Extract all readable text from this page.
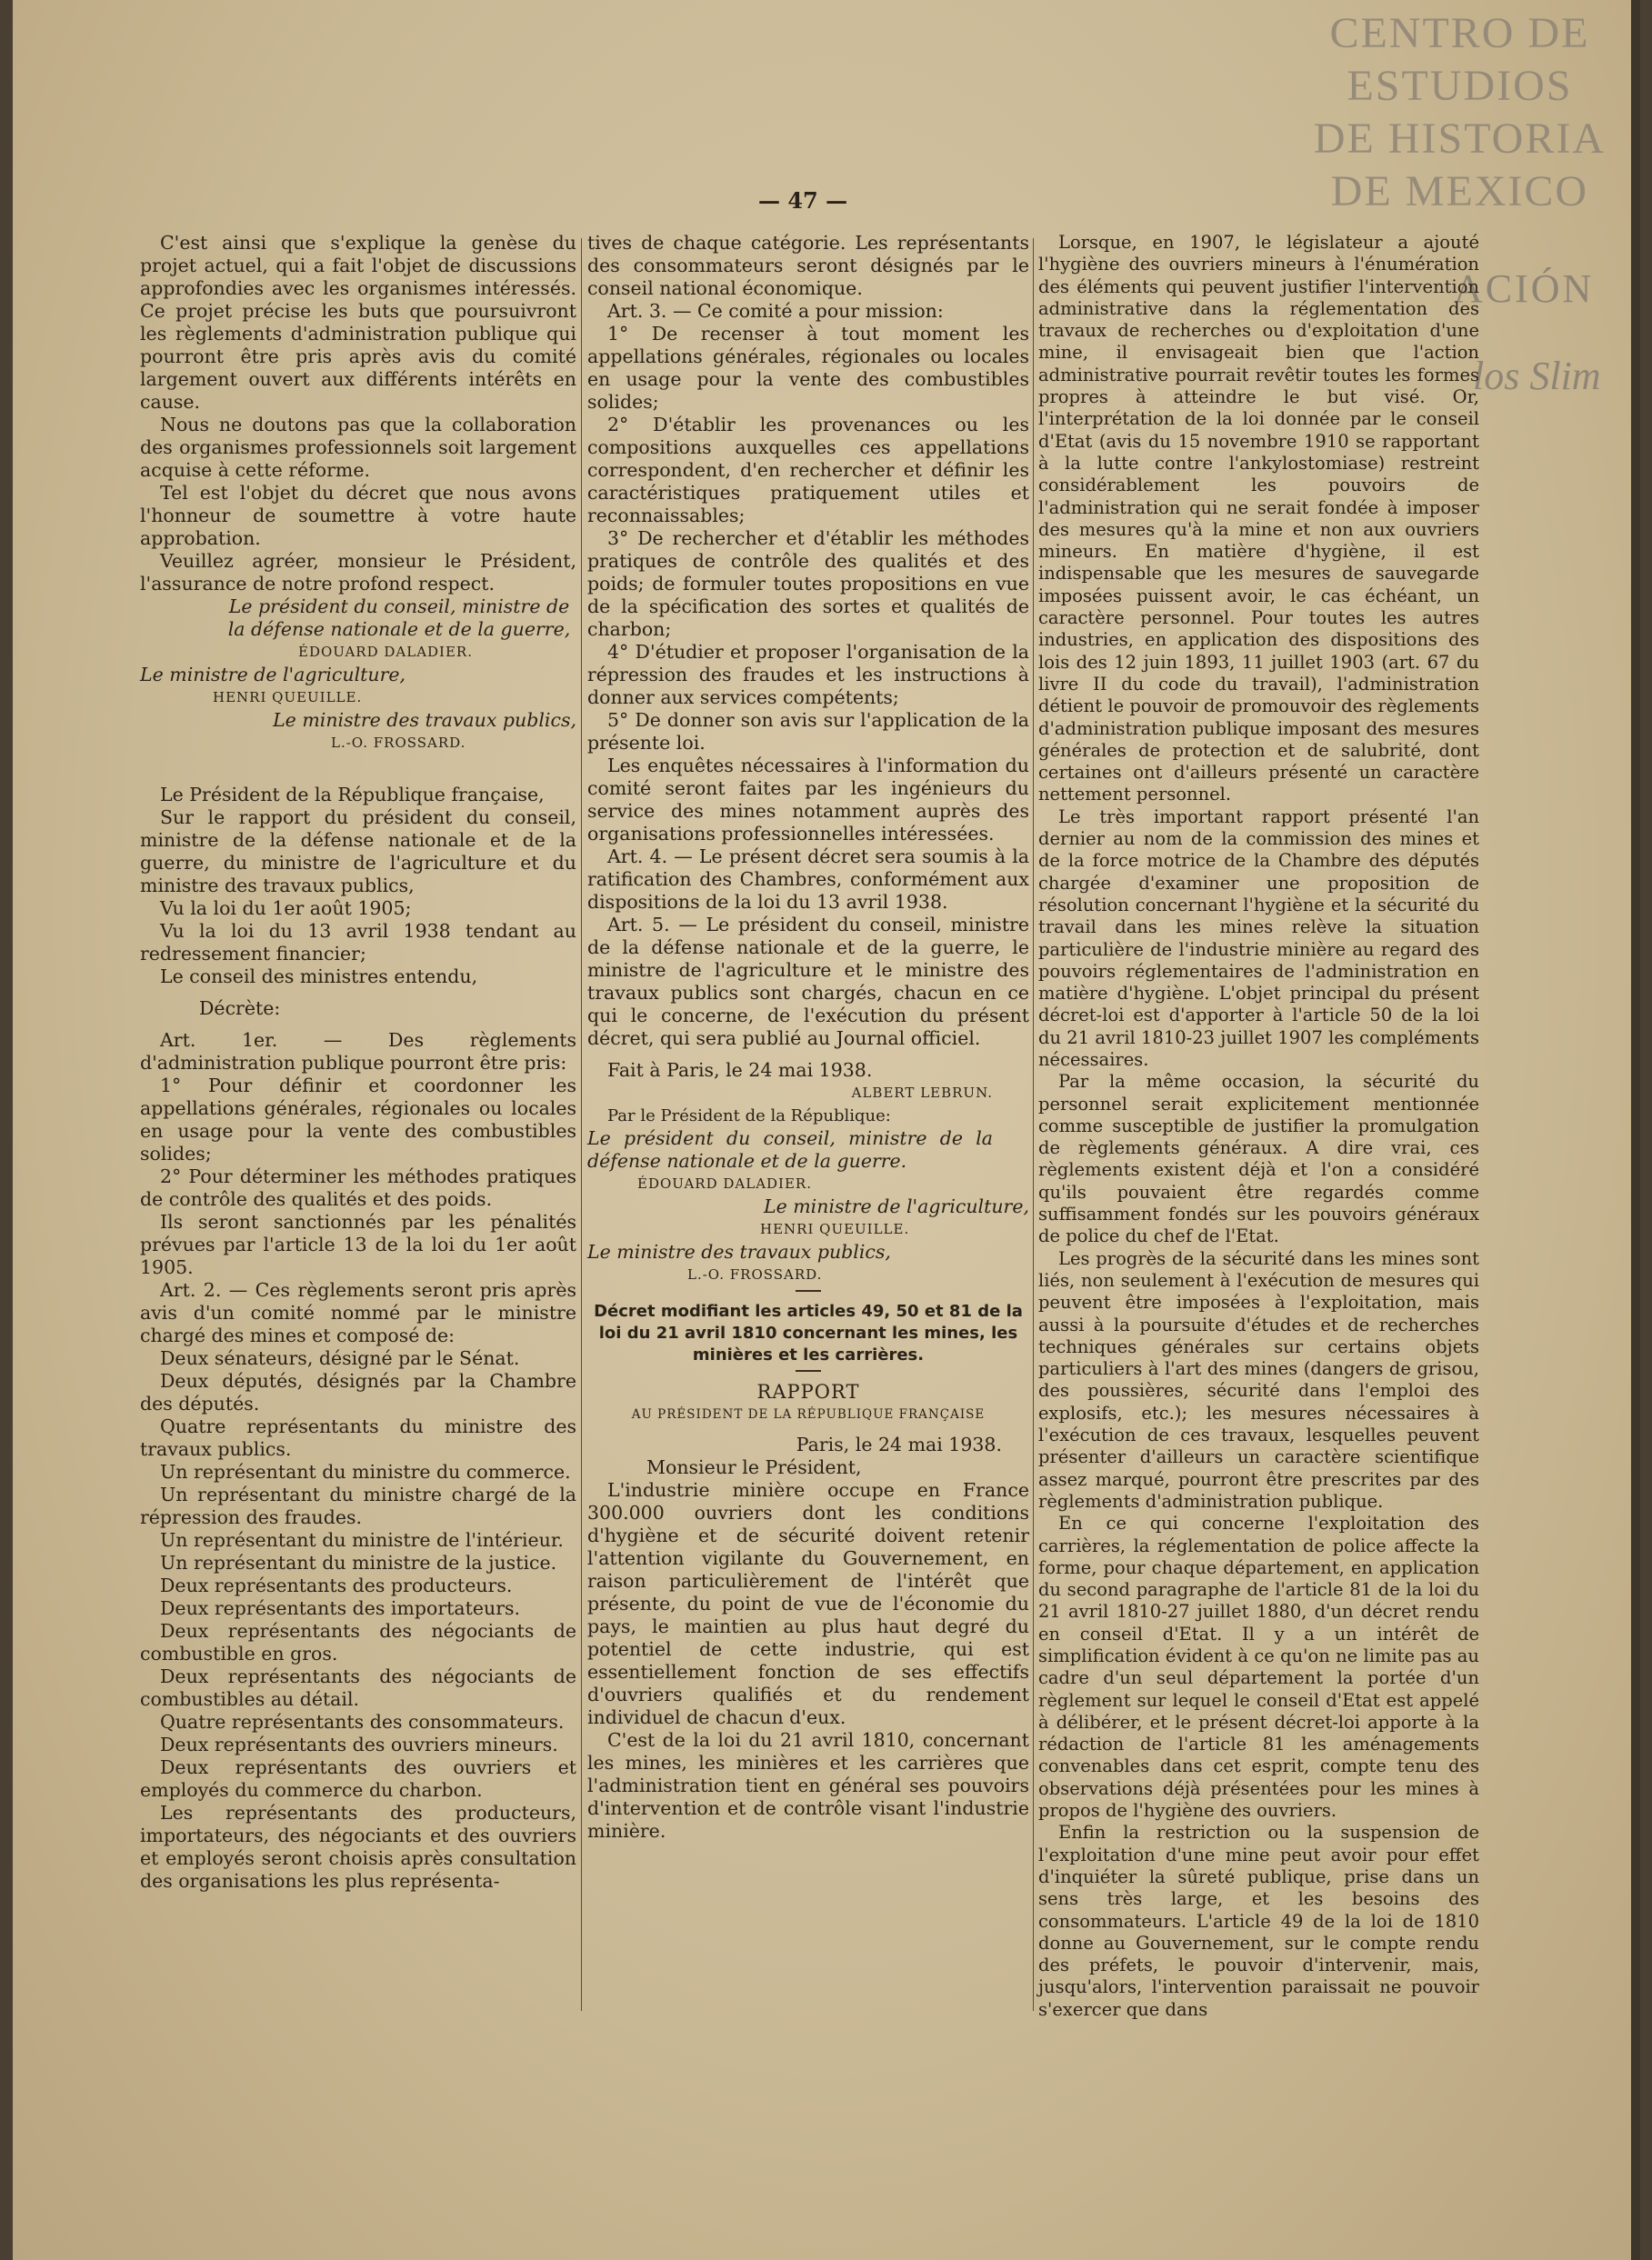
CENTRO DE
ESTUDIOS
DE HISTORIA
DE MEXICO
ACIÓN
los Slim
— 47 —

C'est ainsi que s'explique la genèse du projet actuel, qui a fait l'objet de discussions approfondies avec les organismes intéressés. Ce projet précise les buts que poursuivront les règlements d'administration publique qui pourront être pris après avis du comité largement ouvert aux différents intérêts en cause.

Nous ne doutons pas que la collaboration des organismes professionnels soit largement acquise à cette réforme.

Tel est l'objet du décret que nous avons l'honneur de soumettre à votre haute approbation.

Veuillez agréer, monsieur le Président, l'assurance de notre profond respect.

Le président du conseil, ministre de la défense nationale et de la guerre,

ÉDOUARD DALADIER.

Le ministre de l'agriculture,

HENRI QUEUILLE.

Le ministre des travaux publics,

L.-O. FROSSARD.

Le Président de la République française,

Sur le rapport du président du conseil, ministre de la défense nationale et de la guerre, du ministre de l'agriculture et du ministre des travaux publics,

Vu la loi du 1er août 1905;

Vu la loi du 13 avril 1938 tendant au redressement financier;

Le conseil des ministres entendu,

Décrète:

Art. 1er. — Des règlements d'administration publique pourront être pris:

1° Pour définir et coordonner les appellations générales, régionales ou locales en usage pour la vente des combustibles solides;

2° Pour déterminer les méthodes pratiques de contrôle des qualités et des poids.

Ils seront sanctionnés par les pénalités prévues par l'article 13 de la loi du 1er août 1905.

Art. 2. — Ces règlements seront pris après avis d'un comité nommé par le ministre chargé des mines et composé de:

Deux sénateurs, désigné par le Sénat.

Deux députés, désignés par la Chambre des députés.

Quatre représentants du ministre des travaux publics.

Un représentant du ministre du commerce.

Un représentant du ministre chargé de la répression des fraudes.

Un représentant du ministre de l'intérieur.

Un représentant du ministre de la justice.

Deux représentants des producteurs.

Deux représentants des importateurs.

Deux représentants des négociants de combustible en gros.

Deux représentants des négociants de combustibles au détail.

Quatre représentants des consommateurs.

Deux représentants des ouvriers mineurs.

Deux représentants des ouvriers et employés du commerce du charbon.

Les représentants des producteurs, importateurs, des négociants et des ouvriers et employés seront choisis après consultation des organisations les plus représenta-

tives de chaque catégorie. Les représentants des consommateurs seront désignés par le conseil national économique.

Art. 3. — Ce comité a pour mission:

1° De recenser à tout moment les appellations générales, régionales ou locales en usage pour la vente des combustibles solides;

2° D'établir les provenances ou les compositions auxquelles ces appellations correspondent, d'en rechercher et définir les caractéristiques pratiquement utiles et reconnaissables;

3° De rechercher et d'établir les méthodes pratiques de contrôle des qualités et des poids; de formuler toutes propositions en vue de la spécification des sortes et qualités de charbon;

4° D'étudier et proposer l'organisation de la répression des fraudes et les instructions à donner aux services compétents;

5° De donner son avis sur l'application de la présente loi.

Les enquêtes nécessaires à l'information du comité seront faites par les ingénieurs du service des mines notamment auprès des organisations professionnelles intéressées.

Art. 4. — Le présent décret sera soumis à la ratification des Chambres, conformément aux dispositions de la loi du 13 avril 1938.

Art. 5. — Le président du conseil, ministre de la défense nationale et de la guerre, le ministre de l'agriculture et le ministre des travaux publics sont chargés, chacun en ce qui le concerne, de l'exécution du présent décret, qui sera publié au Journal officiel.

Fait à Paris, le 24 mai 1938.

ALBERT LEBRUN.

Par le Président de la République:

Le président du conseil, ministre de la défense nationale et de la guerre.

ÉDOUARD DALADIER.

Le ministre de l'agriculture,

HENRI QUEUILLE.

Le ministre des travaux publics,

L.-O. FROSSARD.

Décret modifiant les articles 49, 50 et 81 de la loi du 21 avril 1810 concernant les mines, les minières et les carrières.

RAPPORT

AU PRÉSIDENT DE LA RÉPUBLIQUE FRANÇAISE

Paris, le 24 mai 1938.

Monsieur le Président,

L'industrie minière occupe en France 300.000 ouvriers dont les conditions d'hygiène et de sécurité doivent retenir l'attention vigilante du Gouvernement, en raison particulièrement de l'intérêt que présente, du point de vue de l'économie du pays, le maintien au plus haut degré du potentiel de cette industrie, qui est essentiellement fonction de ses effectifs d'ouvriers qualifiés et du rendement individuel de chacun d'eux.

C'est de la loi du 21 avril 1810, concernant les mines, les minières et les carrières que l'administration tient en général ses pouvoirs d'intervention et de contrôle visant l'industrie minière.

Lorsque, en 1907, le législateur a ajouté l'hygiène des ouvriers mineurs à l'énumération des éléments qui peuvent justifier l'intervention administrative dans la réglementation des travaux de recherches ou d'exploitation d'une mine, il envisageait bien que l'action administrative pourrait revêtir toutes les formes propres à atteindre le but visé. Or, l'interprétation de la loi donnée par le conseil d'Etat (avis du 15 novembre 1910 se rapportant à la lutte contre l'ankylostomiase) restreint considérablement les pouvoirs de l'administration qui ne serait fondée à imposer des mesures qu'à la mine et non aux ouvriers mineurs. En matière d'hygiène, il est indispensable que les mesures de sauvegarde imposées puissent avoir, le cas échéant, un caractère personnel. Pour toutes les autres industries, en application des dispositions des lois des 12 juin 1893, 11 juillet 1903 (art. 67 du livre II du code du travail), l'administration détient le pouvoir de promouvoir des règlements d'administration publique imposant des mesures générales de protection et de salubrité, dont certaines ont d'ailleurs présenté un caractère nettement personnel.

Le très important rapport présenté l'an dernier au nom de la commission des mines et de la force motrice de la Chambre des députés chargée d'examiner une proposition de résolution concernant l'hygiène et la sécurité du travail dans les mines relève la situation particulière de l'industrie minière au regard des pouvoirs réglementaires de l'administration en matière d'hygiène. L'objet principal du présent décret-loi est d'apporter à l'article 50 de la loi du 21 avril 1810-23 juillet 1907 les compléments nécessaires.

Par la même occasion, la sécurité du personnel serait explicitement mentionnée comme susceptible de justifier la promulgation de règlements généraux. A dire vrai, ces règlements existent déjà et l'on a considéré qu'ils pouvaient être regardés comme suffisamment fondés sur les pouvoirs généraux de police du chef de l'Etat.

Les progrès de la sécurité dans les mines sont liés, non seulement à l'exécution de mesures qui peuvent être imposées à l'exploitation, mais aussi à la poursuite d'études et de recherches techniques générales sur certains objets particuliers à l'art des mines (dangers de grisou, des poussières, sécurité dans l'emploi des explosifs, etc.); les mesures nécessaires à l'exécution de ces travaux, lesquelles peuvent présenter d'ailleurs un caractère scientifique assez marqué, pourront être prescrites par des règlements d'administration publique.

En ce qui concerne l'exploitation des carrières, la réglementation de police affecte la forme, pour chaque département, en application du second paragraphe de l'article 81 de la loi du 21 avril 1810-27 juillet 1880, d'un décret rendu en conseil d'Etat. Il y a un intérêt de simplification évident à ce qu'on ne limite pas au cadre d'un seul département la portée d'un règlement sur lequel le conseil d'Etat est appelé à délibérer, et le présent décret-loi apporte à la rédaction de l'article 81 les aménagements convenables dans cet esprit, compte tenu des observations déjà présentées pour les mines à propos de l'hygiène des ouvriers.

Enfin la restriction ou la suspension de l'exploitation d'une mine peut avoir pour effet d'inquiéter la sûreté publique, prise dans un sens très large, et les besoins des consommateurs. L'article 49 de la loi de 1810 donne au Gouvernement, sur le compte rendu des préfets, le pouvoir d'intervenir, mais, jusqu'alors, l'intervention paraissait ne pouvoir s'exercer que dans
